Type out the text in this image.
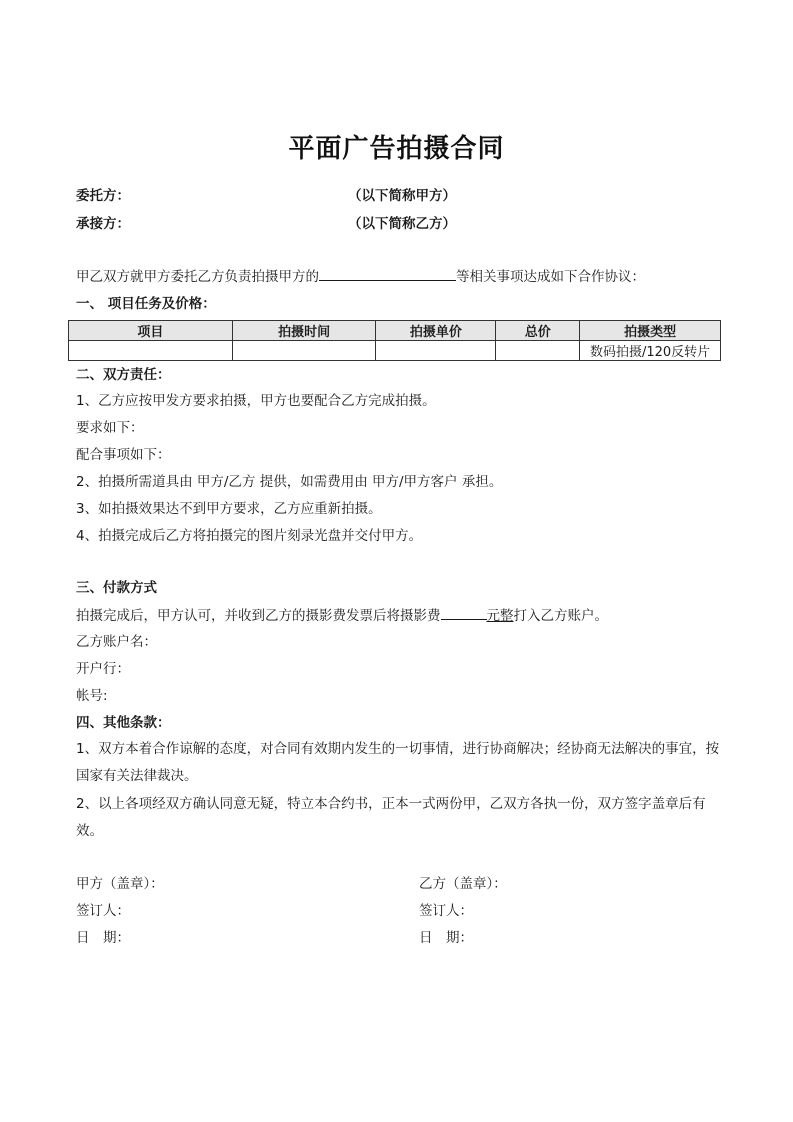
平面广告拍摄合同
委托方：	（以下简称甲方）
承接方：	（以下简称乙方）
甲乙双方就甲方委托乙方负责拍摄甲方的	等相关事项达成如下合作协议：
一、 项目任务及价格：
项目	拍摄时间	拍摄单价	总价	拍摄类型
				数码拍摄/120反转片
二、双方责任：
1、乙方应按甲发方要求拍摄，甲方也要配合乙方完成拍摄。
要求如下：
配合事项如下：
2、拍摄所需道具由 甲方/乙方 提供，如需费用由 甲方/甲方客户 承担。
3、如拍摄效果达不到甲方要求，乙方应重新拍摄。
4、拍摄完成后乙方将拍摄完的图片刻录光盘并交付甲方。
三、付款方式
拍摄完成后，甲方认可，并收到乙方的摄影费发票后将摄影费	元整打入乙方账户。
乙方账户名：
开户行：
帐号:
四、其他条款：
1、双方本着合作谅解的态度，对合同有效期内发生的一切事情，进行协商解决；经协商无法解决的事宜，按国家有关法律裁决。
2、以上各项经双方确认同意无疑，特立本合约书，正本一式两份甲，乙双方各执一份，双方签字盖章后有效。
甲方（盖章）：
签订人：
日　期：
乙方（盖章）：
签订人：
日　期：
